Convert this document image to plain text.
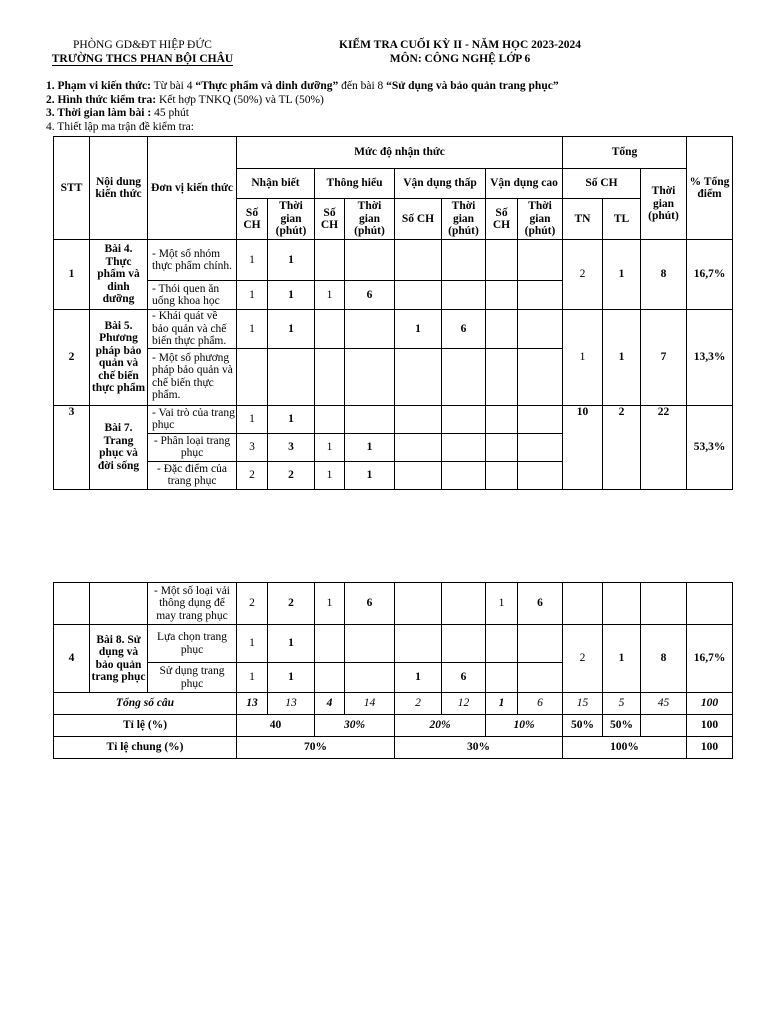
PHÒNG GD&ĐT HIỆP ĐỨC
TRƯỜNG THCS PHAN BỘI CHÂU
KIỂM TRA CUỐI KỲ II - NĂM HỌC 2023-2024
MÔN: CÔNG NGHỆ LỚP 6
1. Phạm vi kiến thức: Từ bài 4 “Thực phẩm và dinh dưỡng” đến bài 8 “Sử dụng và bảo quản trang phục”
2. Hình thức kiểm tra: Kết hợp TNKQ (50%) và TL (50%)
3. Thời gian làm bài : 45 phút
4. Thiết lập ma trận đề kiểm tra:
STT	Nội dung kiến thức	Đơn vị kiến thức	Mức độ nhận thức								Tổng			% Tổng điểm
			Nhận biết		Thông hiểu		Vận dụng thấp		Vận dụng cao		Số CH		Thời gian (phút)	
			Số CH	Thời gian (phút)	Số CH	Thời gian (phút)	Số CH	Thời gian (phút)	Số CH	Thời gian (phút)	TN	TL		
1	Bài 4. Thực phẩm và dinh dưỡng	- Một số nhóm thực phẩm chính.	1	1							2	1	8	16,7%
		- Thói quen ăn uống khoa học	1	1	1	6								
2	Bài 5. Phương pháp bảo quản và chế biến thực phẩm	- Khái quát về bảo quản và chế biến thực phẩm.	1	1			1	6			1	1	7	13,3%
		- Một số phương pháp bảo quản và chế biến thực phẩm.												
3	Bài 7. Trang phục và đời sống	- Vai trò của trang phục	1	1							10	2	22	53,3%
		- Phân loại trang phục	3	3	1	1								
		- Đặc điểm của trang phục	2	2	1	1								
		- Một số loại vải thông dụng để may trang phục	2	2	1	6			1	6				
4	Bài 8. Sử dụng và bảo quản trang phục	Lựa chọn trang phục	1	1							2	1	8	16,7%
		Sử dụng trang phục	1	1			1	6						
Tổng số câu			13	13	4	14	2	12	1	6	15	5	45	100
Tỉ lệ (%)			40		30%		20%		10%		50%	50%		100
Tỉ lệ chung (%)			70%				30%				100%			100
